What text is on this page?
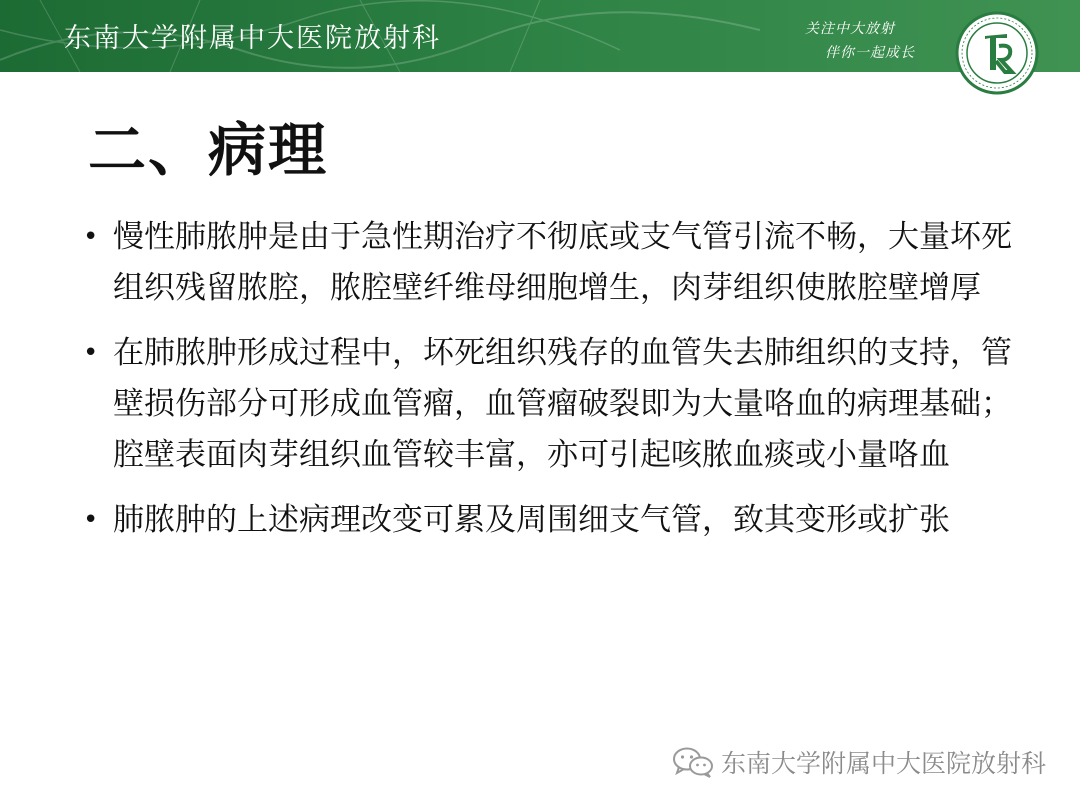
东南大学附属中大医院放射科	关注中大放射
伴你一起成长
二、病理
• 慢性肺脓肿是由于急性期治疗不彻底或支气管引流不畅，大量坏死组织残留脓腔，脓腔壁纤维母细胞增生，肉芽组织使脓腔壁增厚
• 在肺脓肿形成过程中，坏死组织残存的血管失去肺组织的支持，管壁损伤部分可形成血管瘤，血管瘤破裂即为大量咯血的病理基础；腔壁表面肉芽组织血管较丰富，亦可引起咳脓血痰或小量咯血
• 肺脓肿的上述病理改变可累及周围细支气管，致其变形或扩张
东南大学附属中大医院放射科
